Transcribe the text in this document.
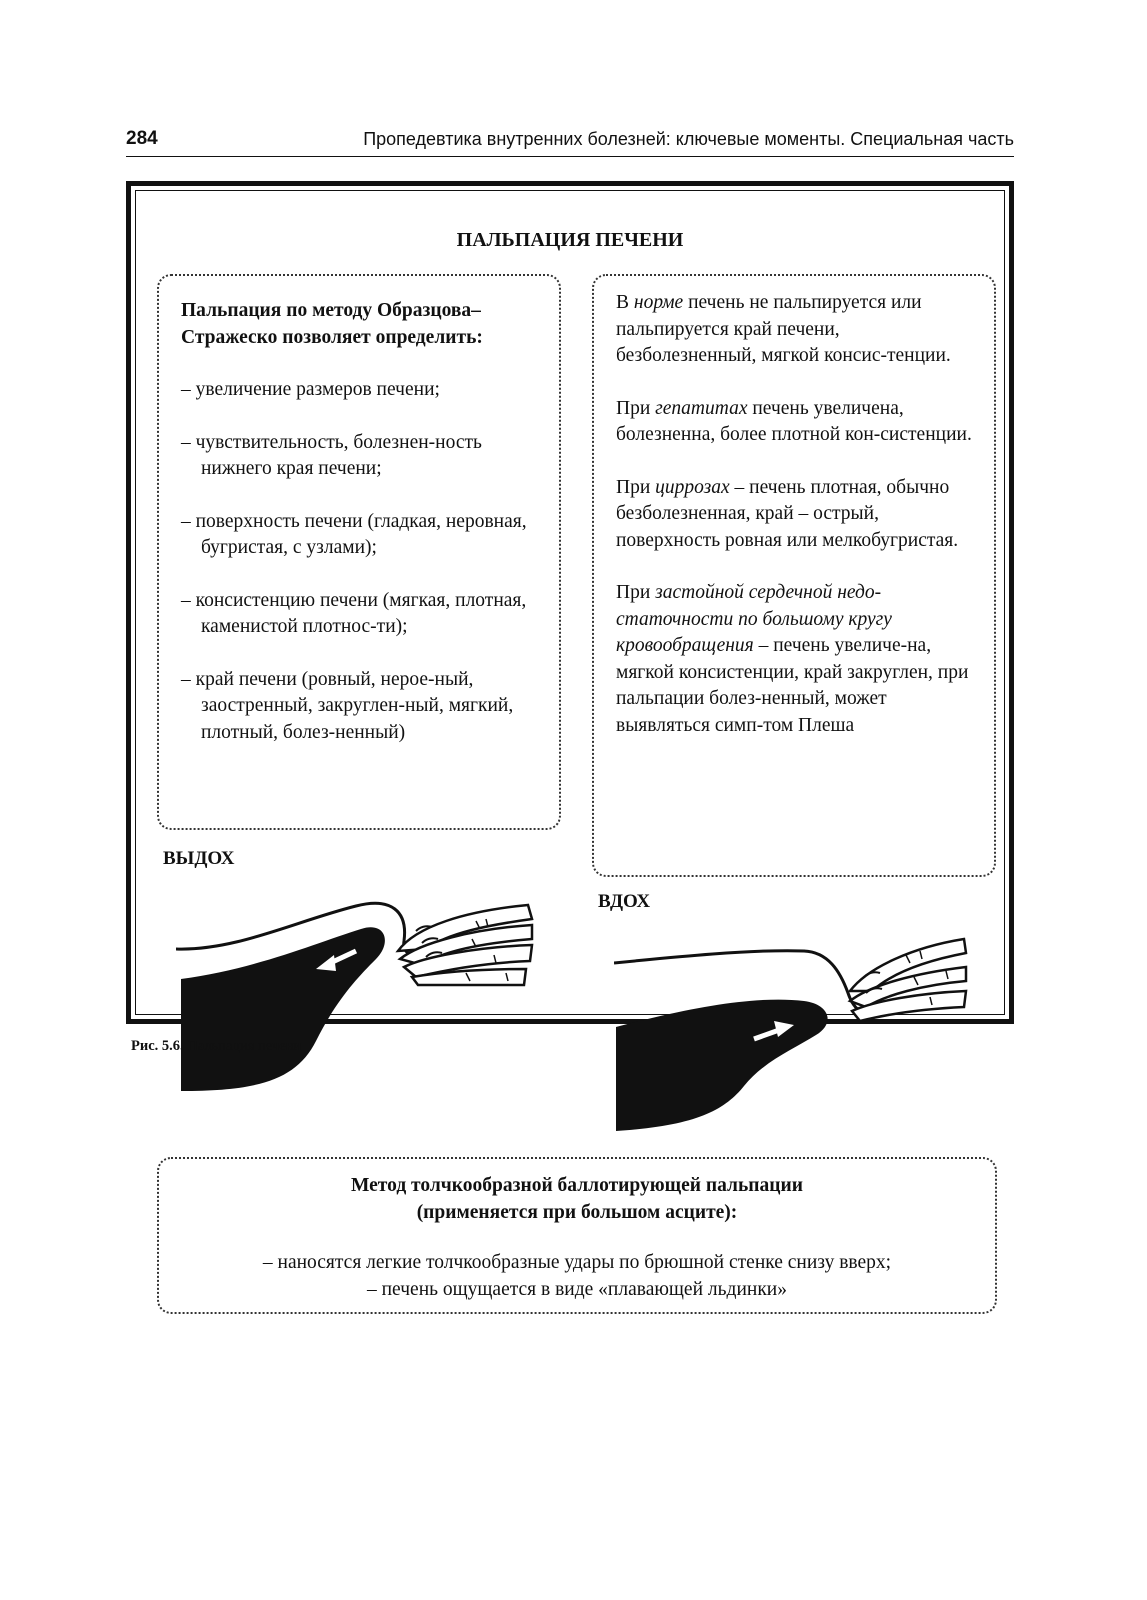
284	Пропедевтика внутренних болезней: ключевые моменты. Специальная часть
ПАЛЬПАЦИЯ ПЕЧЕНИ
Пальпация по методу Образцова–
Стражеско позволяет определить:
– увеличение размеров печени;
– чувствительность, болезнен-ность нижнего края печени;
– поверхность печени (гладкая, неровная, бугристая, с узлами);
– консистенцию печени (мягкая, плотная, каменистой плотнос-ти);
– край печени (ровный, нерое-ный, заостренный, закруглен-ный, мягкий, плотный, болез-ненный)

В норме печень не пальпируется или пальпируется край печени, безболезненный, мягкой консис-тенции.

При гепатитах печень увеличена, болезненна, более плотной кон-систенции.

При циррозах – печень плотная, обычно безболезненная, край – острый, поверхность ровная или мелкобугристая.

При застойной сердечной недо-статочности по большому кругу кровообращения – печень увеличе-на, мягкой консистенции, край закруглен, при пальпации болез-ненный, может выявляться симп-том Плеша

ВЫДОХ
ВДОХ
Метод толчкообразной баллотирующей пальпации
(применяется при большом асците):

– наносятся легкие толчкообразные удары по брюшной стенке снизу вверх;

– печень ощущается в виде «плавающей льдинки»

Рис. 5.6. Пальпация печени
